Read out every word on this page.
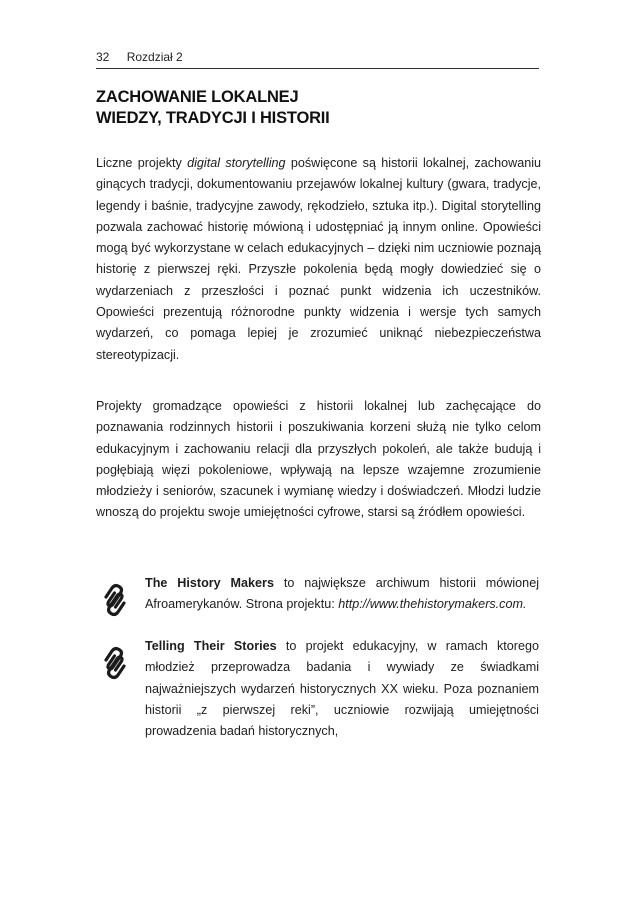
32 Rozdział 2
ZACHOWANIE LOKALNEJ
WIEDZY, TRADYCJI I HISTORII

Liczne projekty digital storytelling poświęcone są historii lokalnej, zachowaniu ginących tradycji, dokumentowaniu przejawów lokalnej kultury (gwara, tradycje, legendy i baśnie, tradycyjne zawody, rękodzieło, sztuka itp.). Digital storytelling pozwala zachować historię mówioną i udostępniać ją innym online. Opowieści mogą być wykorzystane w celach edukacyjnych – dzięki nim uczniowie poznają historię z pierwszej ręki. Przyszłe pokolenia będą mogły dowiedzieć się o wydarzeniach z przeszłości i poznać punkt widzenia ich uczestników. Opowieści prezentują różnorodne punkty widzenia i wersje tych samych wydarzeń, co pomaga lepiej je zrozumieć uniknąć niebezpieczeństwa stereotypizacji.

Projekty gromadzące opowieści z historii lokalnej lub zachęcające do poznawania rodzinnych historii i poszukiwania korzeni służą nie tylko celom edukacyjnym i zachowaniu relacji dla przyszłych pokoleń, ale także budują i pogłębiają więzi pokoleniowe, wpływają na lepsze wzajemne zrozumienie młodzieży i seniorów, szacunek i wymianę wiedzy i doświadczeń. Młodzi ludzie wnoszą do projektu swoje umiejętności cyfrowe, starsi są źródłem opowieści.

The History Makers to największe archiwum historii mówionej Afroamerykanów. Strona projektu: http://www.thehistorymakers.com.

Telling Their Stories to projekt edukacyjny, w ramach ktorego młodzież przeprowadza badania i wywiady ze świadkami najważniejszych wydarzeń historycznych XX wieku. Poza poznaniem historii „z pierwszej reki”, uczniowie rozwijają umiejętności prowadzenia badań historycznych,
